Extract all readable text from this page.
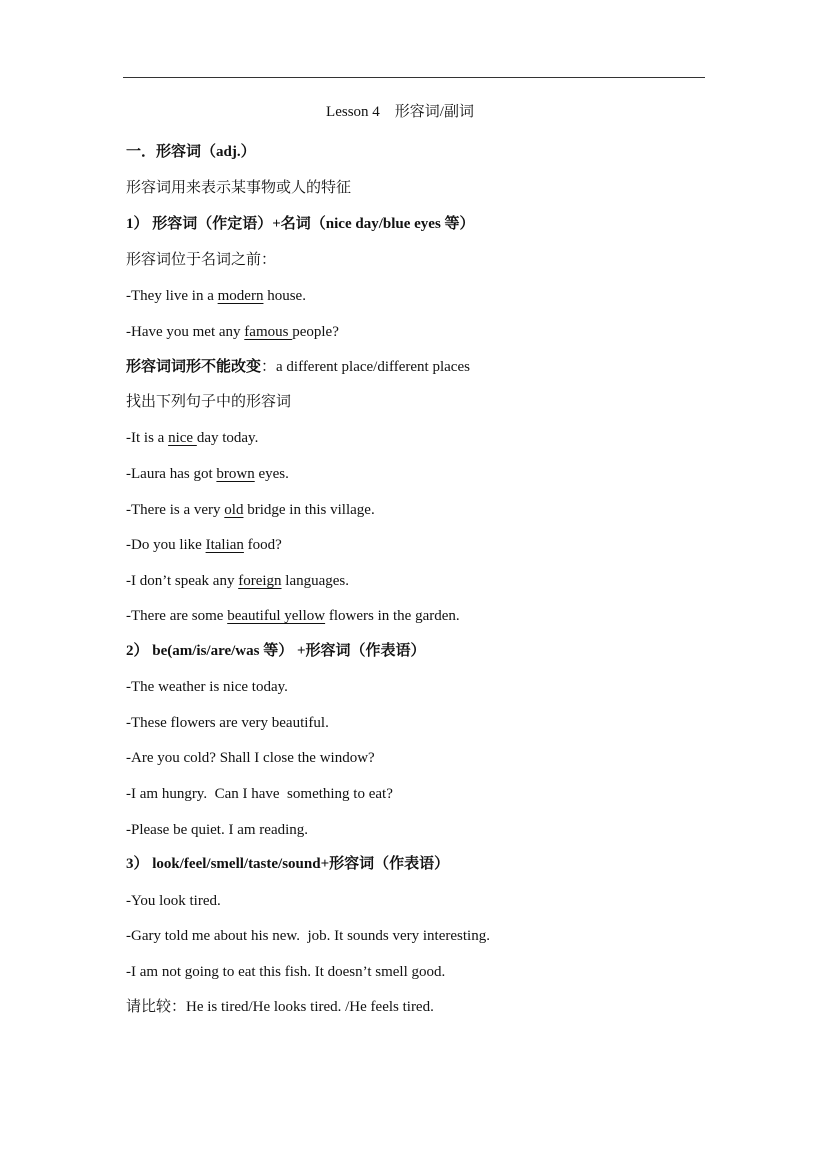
Lesson 4    形容词/副词
一．形容词（adj.）
形容词用来表示某事物或人的特征
1） 形容词（作定语）+名词（nice day/blue eyes 等）
形容词位于名词之前：
-They live in a modern house.
-Have you met any famous people?
形容词词形不能改变：a different place/different places
找出下列句子中的形容词
-It is a nice day today.
-Laura has got brown eyes.
-There is a very old bridge in this village.
-Do you like Italian food?
-I don’t speak any foreign languages.
-There are some beautiful yellow flowers in the garden.
2） be(am/is/are/was 等） +形容词（作表语）
-The weather is nice today.
-These flowers are very beautiful.
-Are you cold? Shall I close the window?
-I am hungry.  Can I have  something to eat?
-Please be quiet. I am reading.
3） look/feel/smell/taste/sound+形容词（作表语）
-You look tired.
-Gary told me about his new.  job. It sounds very interesting.
-I am not going to eat this fish. It doesn’t smell good.
请比较：He is tired/He looks tired. /He feels tired.
